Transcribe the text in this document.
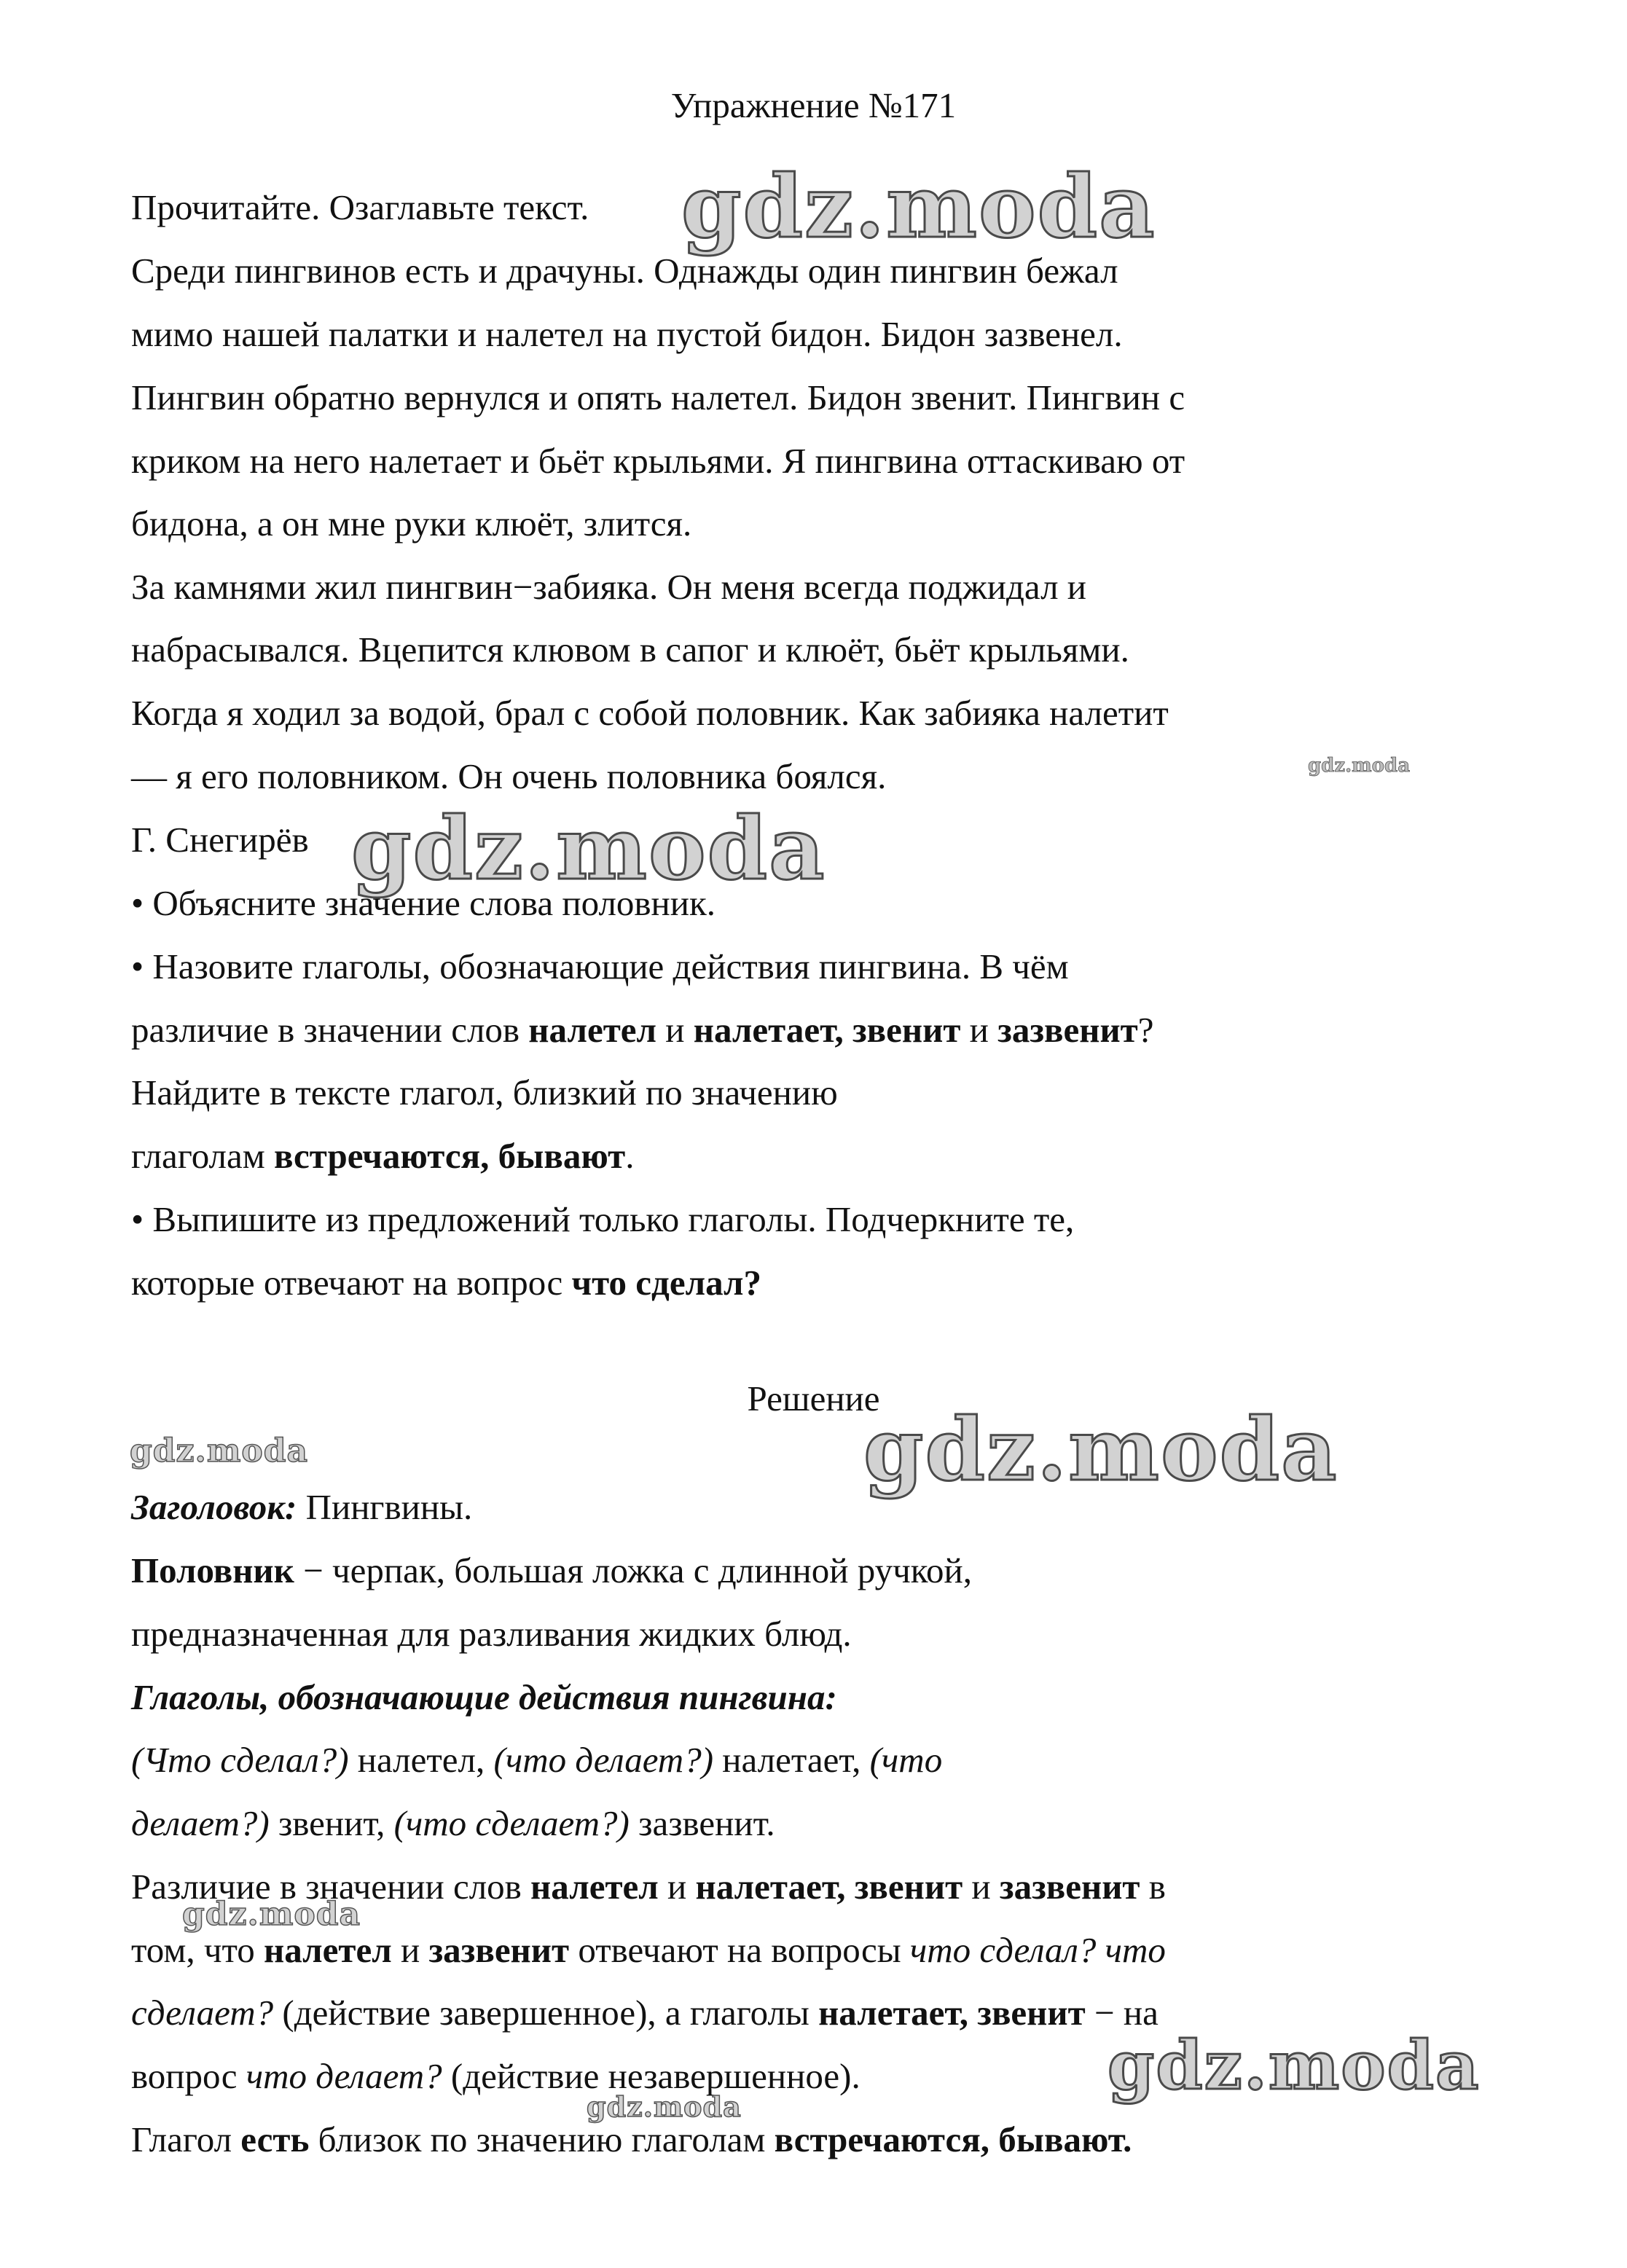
Упражнение №171
Прочитайте. Озаглавьте текст.
Среди пингвинов есть и драчуны. Однажды один пингвин бежал
мимо нашей палатки и налетел на пустой бидон. Бидон зазвенел.
Пингвин обратно вернулся и опять налетел. Бидон звенит. Пингвин с
криком на него налетает и бьёт крыльями. Я пингвина оттаскиваю от
бидона, а он мне руки клюёт, злится.
За камнями жил пингвин−забияка. Он меня всегда поджидал и
набрасывался. Вцепится клювом в сапог и клюёт, бьёт крыльями.
Когда я ходил за водой, брал с собой половник. Как забияка налетит
— я его половником. Он очень половника боялся.
Г. Снегирёв
• Объясните значение слова половник.
• Назовите глаголы, обозначающие действия пингвина. В чём
различие в значении слов налетел и налетает, звенит и зазвенит?
Найдите в тексте глагол, близкий по значению
глаголам встречаются, бывают.
• Выпишите из предложений только глаголы. Подчеркните те,
которые отвечают на вопрос что сделал?
Решение
Заголовок: Пингвины.
Половник − черпак, большая ложка с длинной ручкой,
предназначенная для разливания жидких блюд.
Глаголы, обозначающие действия пингвина:
(Что сделал?) налетел, (что делает?) налетает, (что
делает?) звенит, (что сделает?) зазвенит.
Различие в значении слов налетел и налетает, звенит и зазвенит в
том, что налетел и зазвенит отвечают на вопросы что сделал? что
сделает? (действие завершенное), а глаголы налетает, звенит − на
вопрос что делает? (действие незавершенное).
Глагол есть близок по значению глаголам встречаются, бывают.
gdz.moda
gdz.moda
gdz.moda
gdz.moda
gdz.moda
gdz.moda
gdz.moda
gdz.moda
